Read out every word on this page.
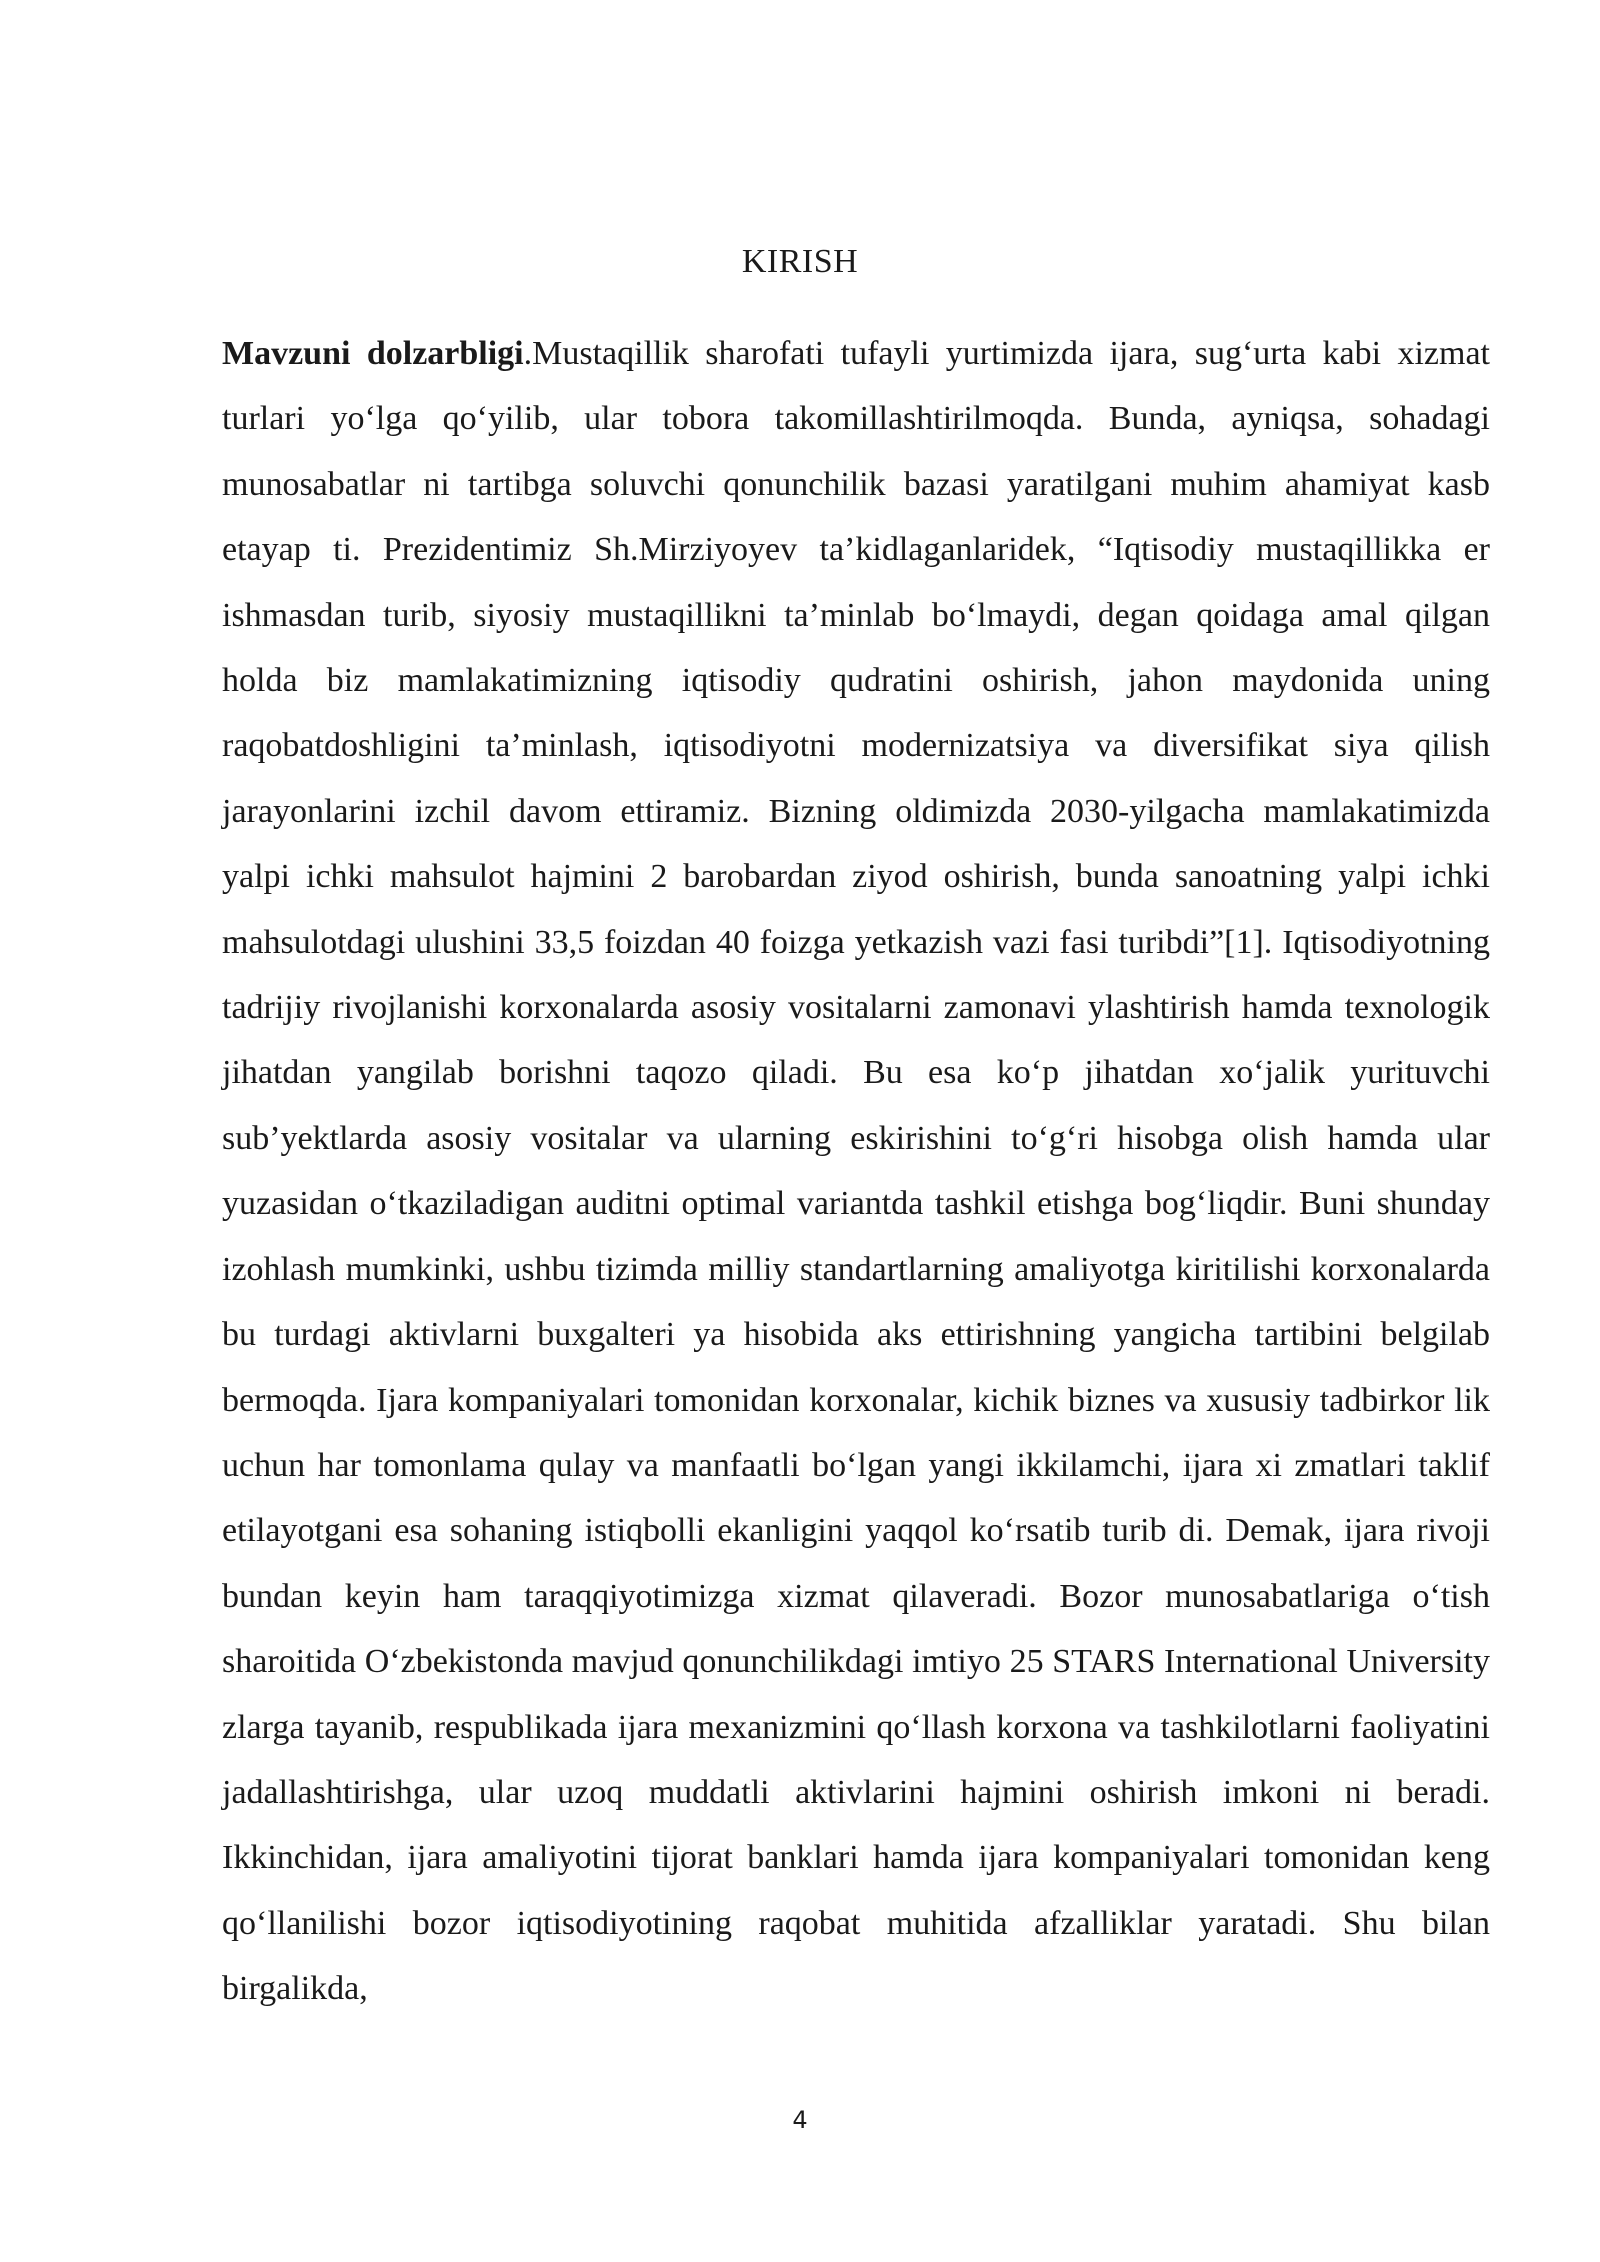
KIRISH

Mavzuni dolzarbligi.Mustaqillik sharofati tufayli yurtimizda ijara, sug‘urta kabi xizmat turlari yo‘lga qo‘yilib, ular tobora takomillashtirilmoqda. Bunda, ayniqsa, sohadagi munosabatlar ni tartibga soluvchi qonunchilik bazasi yaratilgani muhim ahamiyat kasb etayap ti. Prezidentimiz Sh.Mirziyoyev ta’kidlaganlaridek, “Iqtisodiy mustaqillikka er ishmasdan turib, siyosiy mustaqillikni ta’minlab bo‘lmaydi, degan qoidaga amal qilgan holda biz mamlakatimizning iqtisodiy qudratini oshirish, jahon maydonida uning raqobatdoshligini ta’minlash, iqtisodiyotni modernizatsiya va diversifikat siya qilish jarayonlarini izchil davom ettiramiz. Bizning oldimizda 2030-yilgacha mamlakatimizda yalpi ichki mahsulot hajmini 2 barobardan ziyod oshirish, bunda sanoatning yalpi ichki mahsulotdagi ulushini 33,5 foizdan 40 foizga yetkazish vazi fasi turibdi”[1]. Iqtisodiyotning tadrijiy rivojlanishi korxonalarda asosiy vositalarni zamonavi ylashtirish hamda texnologik jihatdan yangilab borishni taqozo qiladi. Bu esa ko‘p jihatdan xo‘jalik yurituvchi sub’yektlarda asosiy vositalar va ularning eskirishini to‘g‘ri hisobga olish hamda ular yuzasidan o‘tkaziladigan auditni optimal variantda tashkil etishga bog‘liqdir. Buni shunday izohlash mumkinki, ushbu tizimda milliy standartlarning amaliyotga kiritilishi korxonalarda bu turdagi aktivlarni buxgalteri ya hisobida aks ettirishning yangicha tartibini belgilab bermoqda. Ijara kompaniyalari tomonidan korxonalar, kichik biznes va xususiy tadbirkor lik uchun har tomonlama qulay va manfaatli bo‘lgan yangi ikkilamchi, ijara xi zmatlari taklif etilayotgani esa sohaning istiqbolli ekanligini yaqqol ko‘rsatib turib di. Demak, ijara rivoji bundan keyin ham taraqqiyotimizga xizmat qilaveradi. Bozor munosabatlariga o‘tish sharoitida O‘zbekistonda mavjud qonunchilikdagi imtiyo 25 STARS International University zlarga tayanib, respublikada ijara mexanizmini qo‘llash korxona va tashkilotlarni faoliyatini jadallashtirishga, ular uzoq muddatli aktivlarini hajmini oshirish imkoni ni beradi. Ikkinchidan, ijara amaliyotini tijorat banklari hamda ijara kompaniyalari tomonidan keng qo‘llanilishi bozor iqtisodiyotining raqobat muhitida afzalliklar yaratadi. Shu bilan birgalikda,

4
